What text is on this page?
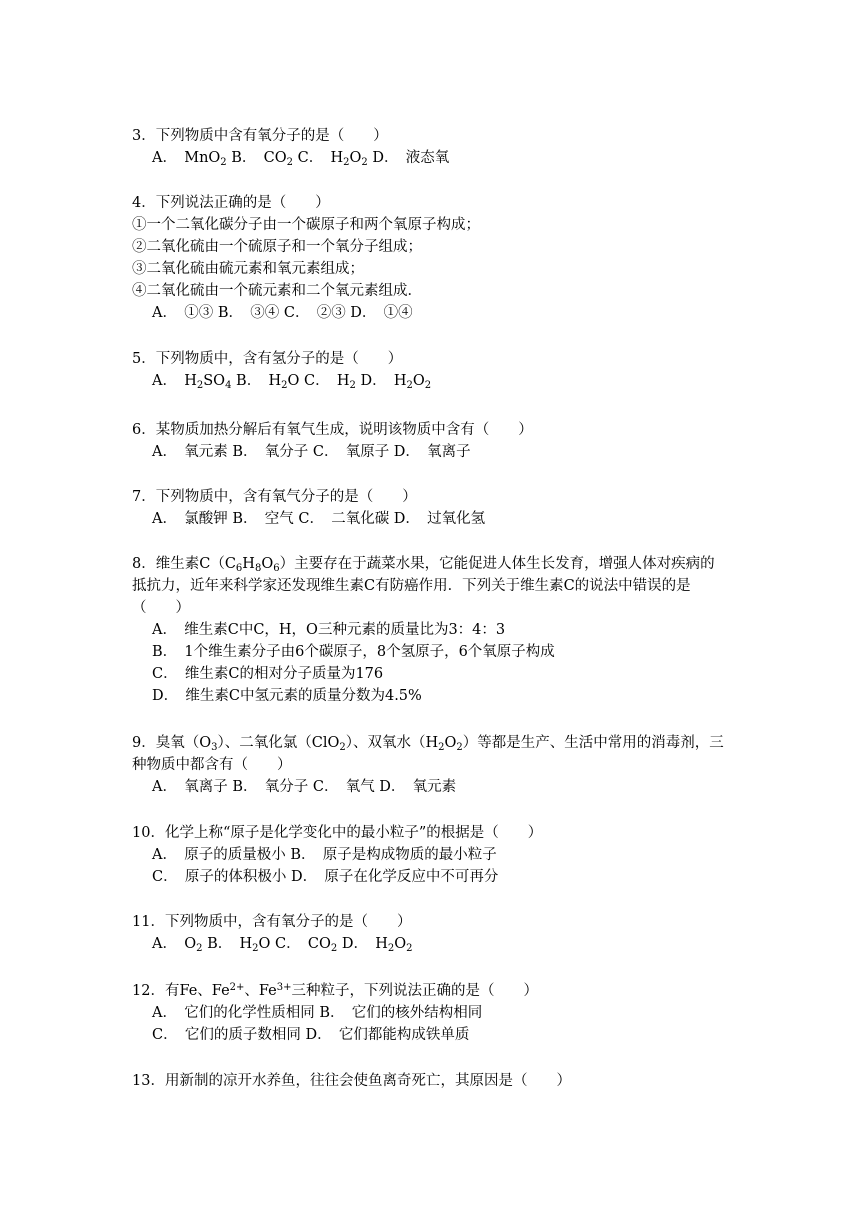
3．下列物质中含有氧分子的是（　　）
A．　MnO$_2$ B．　$CO_2$ C．　$H_2O_2$ D．　液态氧
4．下列说法正确的是（　　）
①一个二氧化碳分子由一个碳原子和两个氧原子构成；
②二氧化硫由一个硫原子和一个氧分子组成；
③二氧化硫由硫元素和氧元素组成；
④二氧化硫由一个硫元素和二个氧元素组成．
A．　①③ B．　③④ C．　②③ D．　①④
5．下列物质中，含有氢分子的是（　　）
A．　$H_2SO_4$ B．　$H_2O$ C．　$H_2$ D．　$H_2O_2$
6．某物质加热分解后有氧气生成，说明该物质中含有（　　）
A．　氧元素 B．　氧分子 C．　氧原子 D．　氧离子
7．下列物质中，含有氧气分子的是（　　）
A．　氯酸钾 B．　空气 C．　二氧化碳 D．　过氧化氢
8．维生素$C(C_6H_8O_6)$主要存在于蔬菜水果，它能促进人体生长发育，增强人体对疾病的
抵抗力，近年来科学家还发现维生素C有防癌作用．下列关于维生素C的说法中错误的是
（　　）
A．　维生素C中C，H，O三种元素的质量比为3：4：3
B．　1个维生素分子由6个碳原子，8个氢原子，6个氧原子构成
C．　维生素C的相对分子质量为176
D．　维生素C中氢元素的质量分数为4.5%
9．臭氧$(O_3)$、二氧化氯（ClO$_2$）、双氧水$(H_2O_2)$等都是生产、生活中常用的消毒剂，三
种物质中都含有（　　）
A．　氧离子 B．　氧分子 C．　氧气 D．　氧元素
10．化学上称“原子是化学变化中的最小粒子”的根据是（　　）
A．　原子的质量极小 B．　原子是构成物质的最小粒子
C．　原子的体积极小 D．　原子在化学反应中不可再分
11．下列物质中，含有氧分子的是（　　）
A．　$O_2$ B．　$H_2O$ C．　$CO_2$ D．　$H_2O_2$
12．有Fe、$Fe^{2+}$、$Fe^{3+}$三种粒子，下列说法正确的是（　　）
A．　它们的化学性质相同 B．　它们的核外结构相同
C．　它们的质子数相同 D．　它们都能构成铁单质
13．用新制的凉开水养鱼，往往会使鱼离奇死亡，其原因是（　　）
